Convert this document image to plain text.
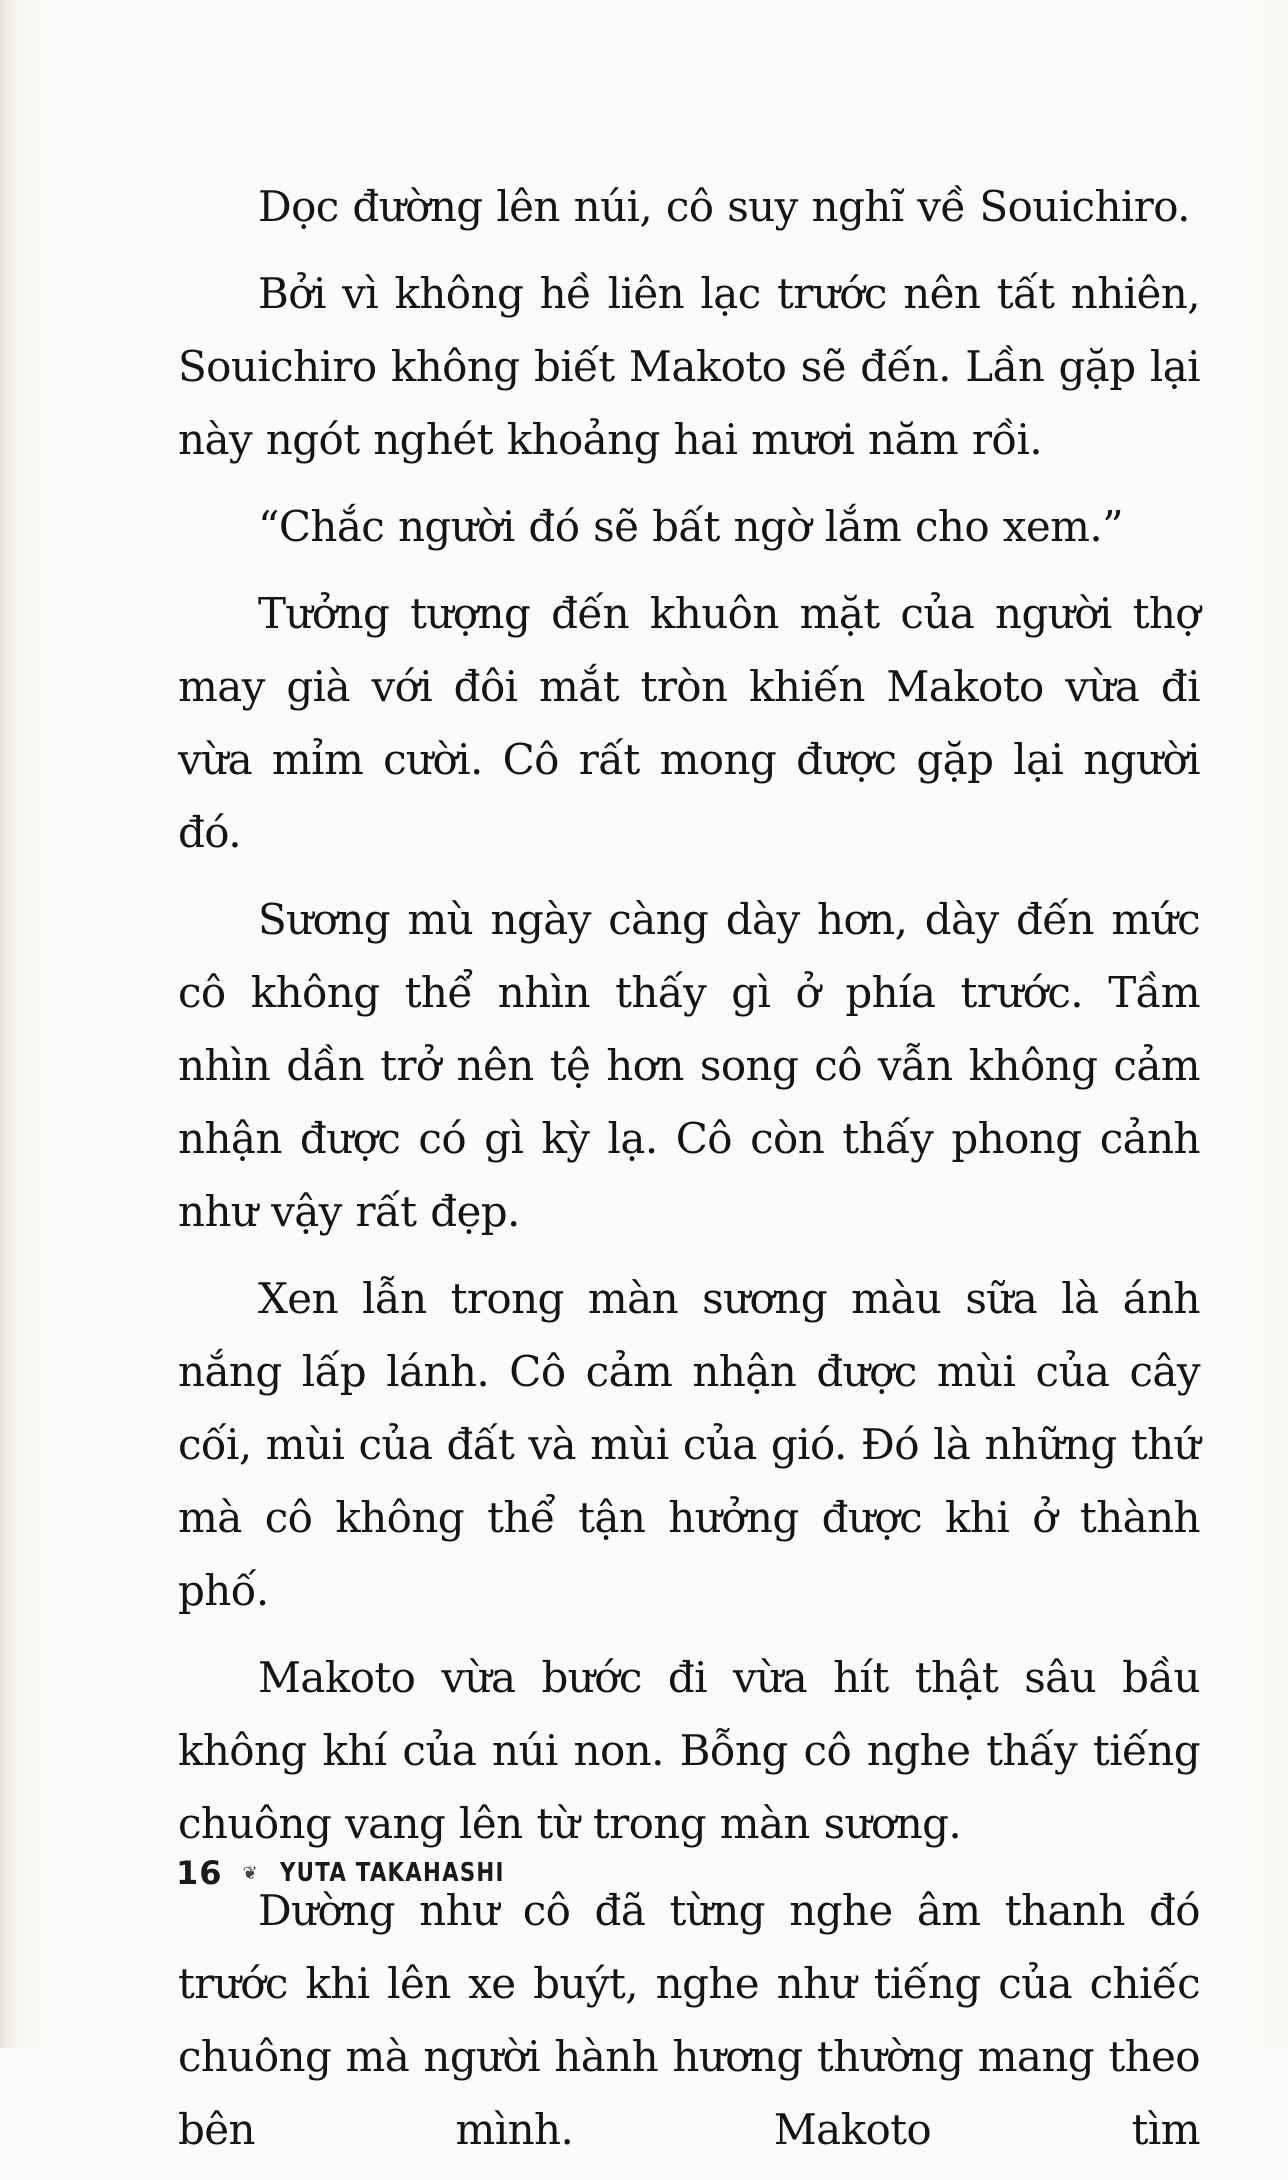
Dọc đường lên núi, cô suy nghĩ về Souichiro.

Bởi vì không hề liên lạc trước nên tất nhiên, Souichiro không biết Makoto sẽ đến. Lần gặp lại này ngót nghét khoảng hai mươi năm rồi.

“Chắc người đó sẽ bất ngờ lắm cho xem.”

Tưởng tượng đến khuôn mặt của người thợ may già với đôi mắt tròn khiến Makoto vừa đi vừa mỉm cười. Cô rất mong được gặp lại người đó.

Sương mù ngày càng dày hơn, dày đến mức cô không thể nhìn thấy gì ở phía trước. Tầm nhìn dần trở nên tệ hơn song cô vẫn không cảm nhận được có gì kỳ lạ. Cô còn thấy phong cảnh như vậy rất đẹp.

Xen lẫn trong màn sương màu sữa là ánh nắng lấp lánh. Cô cảm nhận được mùi của cây cối, mùi của đất và mùi của gió. Đó là những thứ mà cô không thể tận hưởng được khi ở thành phố.

Makoto vừa bước đi vừa hít thật sâu bầu không khí của núi non. Bỗng cô nghe thấy tiếng chuông vang lên từ trong màn sương.

Dường như cô đã từng nghe âm thanh đó trước khi lên xe buýt, nghe như tiếng của chiếc chuông mà người hành hương thường mang theo bên mình. Makoto tìm

16 ❦ YUTA TAKAHASHI
